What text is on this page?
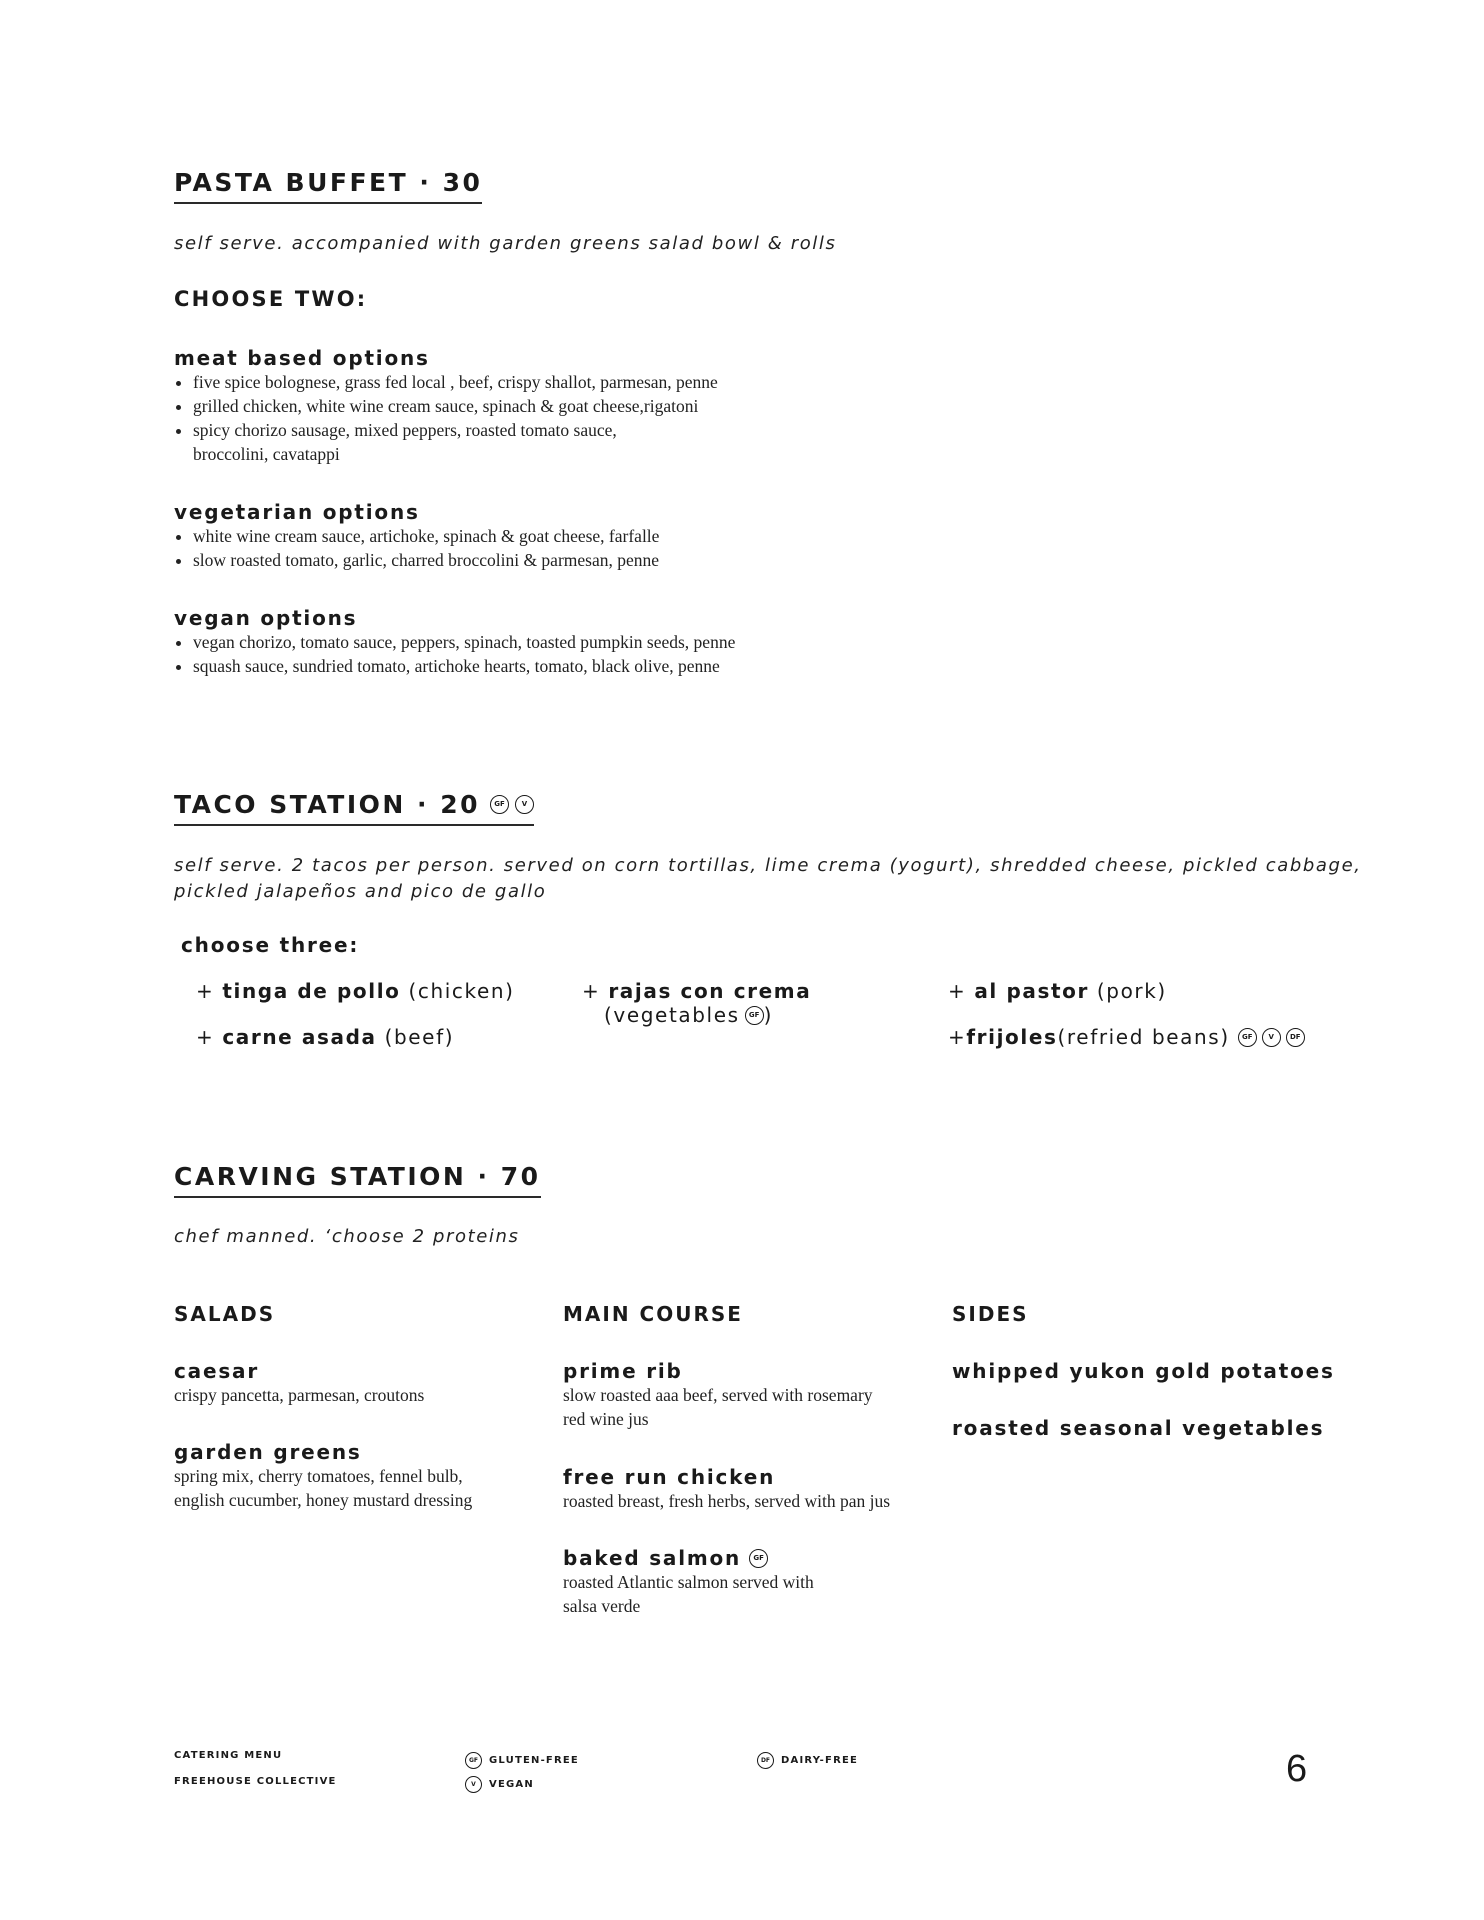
PASTA BUFFET · 30
self serve. accompanied with garden greens salad bowl & rolls
CHOOSE TWO:
meat based options
five spice bolognese, grass fed local , beef, crispy shallot, parmesan, penne
grilled chicken, white wine cream sauce, spinach & goat cheese,rigatoni
spicy chorizo sausage, mixed peppers, roasted tomato sauce, broccolini, cavatappi
vegetarian options
white wine cream sauce, artichoke, spinach & goat cheese, farfalle
slow roasted tomato, garlic, charred broccolini & parmesan, penne
vegan options
vegan chorizo, tomato sauce, peppers, spinach, toasted pumpkin seeds, penne
squash sauce, sundried tomato, artichoke hearts, tomato, black olive, penne
TACO STATION · 20	GF	V
self serve. 2 tacos per person. served on corn tortillas, lime crema (yogurt), shredded cheese, pickled cabbage,
pickled jalapeños and pico de gallo
choose three:
+ tinga de pollo (chicken)
+ carne asada (beef)
+ rajas con crema
(vegetables	GF )
+ al pastor (pork)
+ frijoles (refried beans)	GF	V	DF
CARVING STATION · 70
chef manned. ‘choose 2 proteins
SALADS
caesar
crispy pancetta, parmesan, croutons
garden greens
spring mix, cherry tomatoes, fennel bulb,
english cucumber, honey mustard dressing
MAIN COURSE
prime rib
slow roasted aaa beef, served with rosemary
red wine jus
free run chicken
roasted breast, fresh herbs, served with pan jus
baked salmon	GF
roasted Atlantic salmon served with
salsa verde
SIDES
whipped yukon gold potatoes
roasted seasonal vegetables
CATERING MENU
FREEHOUSE COLLECTIVE
GF	GLUTEN-FREE
V	VEGAN
DF	DAIRY-FREE	6
